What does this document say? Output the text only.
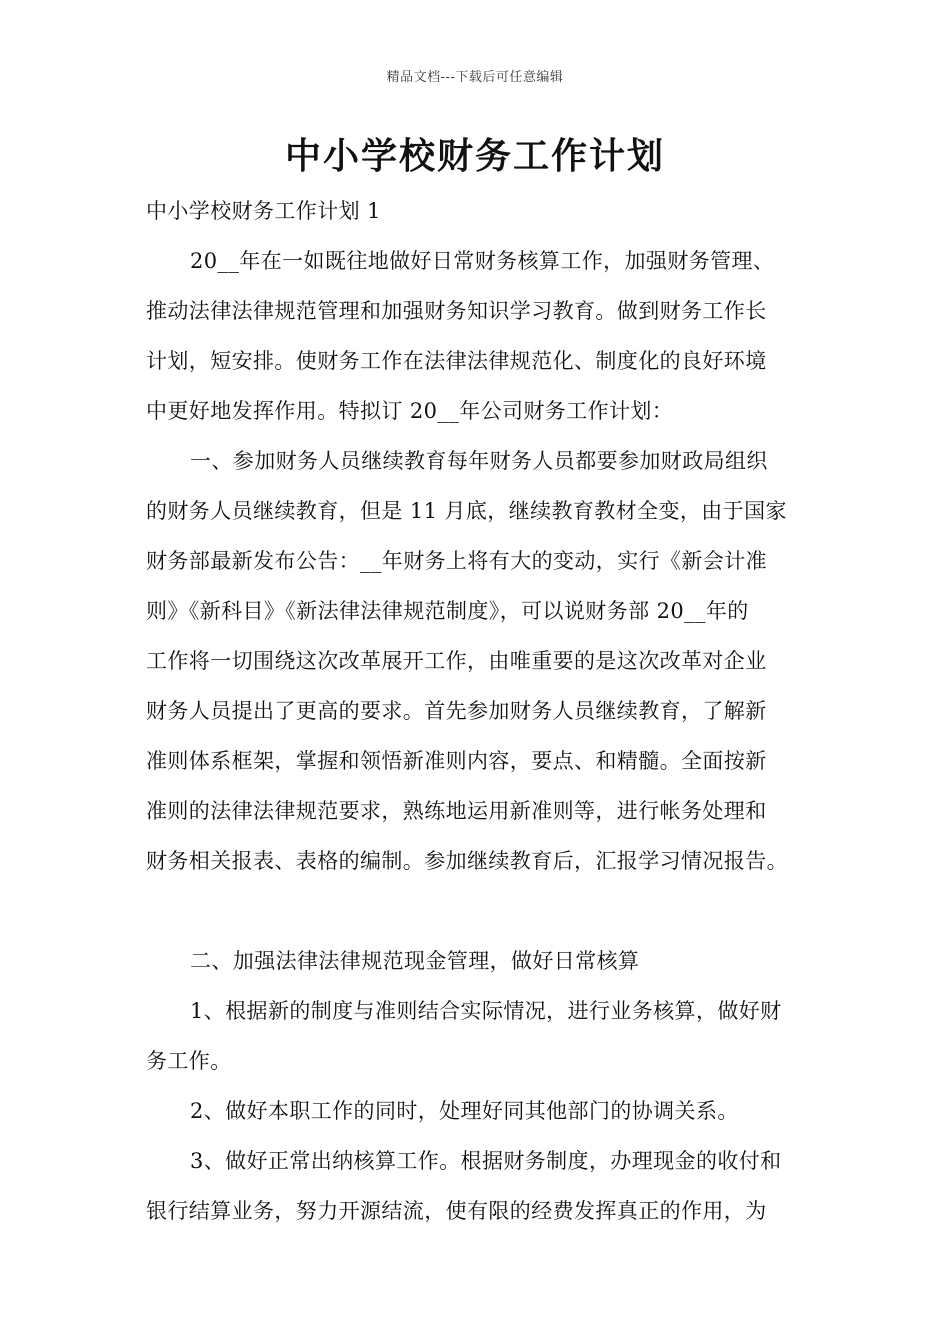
精品文档---下载后可任意编辑
中小学校财务工作计划

中小学校财务工作计划 1

20__年在一如既往地做好日常财务核算工作，加强财务管理、

推动法律法律规范管理和加强财务知识学习教育。做到财务工作长

计划，短安排。使财务工作在法律法律规范化、制度化的良好环境

中更好地发挥作用。特拟订 20__年公司财务工作计划：

一、参加财务人员继续教育每年财务人员都要参加财政局组织

的财务人员继续教育，但是 11 月底，继续教育教材全变，由于国家

财务部最新发布公告：__年财务上将有大的变动，实行《新会计准

则》《新科目》《新法律法律规范制度》，可以说财务部 20__年的

工作将一切围绕这次改革展开工作，由唯重要的是这次改革对企业

财务人员提出了更高的要求。首先参加财务人员继续教育，了解新

准则体系框架，掌握和领悟新准则内容，要点、和精髓。全面按新

准则的法律法律规范要求，熟练地运用新准则等，进行帐务处理和

财务相关报表、表格的编制。参加继续教育后，汇报学习情况报告。

二、加强法律法律规范现金管理，做好日常核算

1、根据新的制度与准则结合实际情况，进行业务核算，做好财

务工作。

2、做好本职工作的同时，处理好同其他部门的协调关系。

3、做好正常出纳核算工作。根据财务制度，办理现金的收付和

银行结算业务，努力开源结流，使有限的经费发挥真正的作用，为
